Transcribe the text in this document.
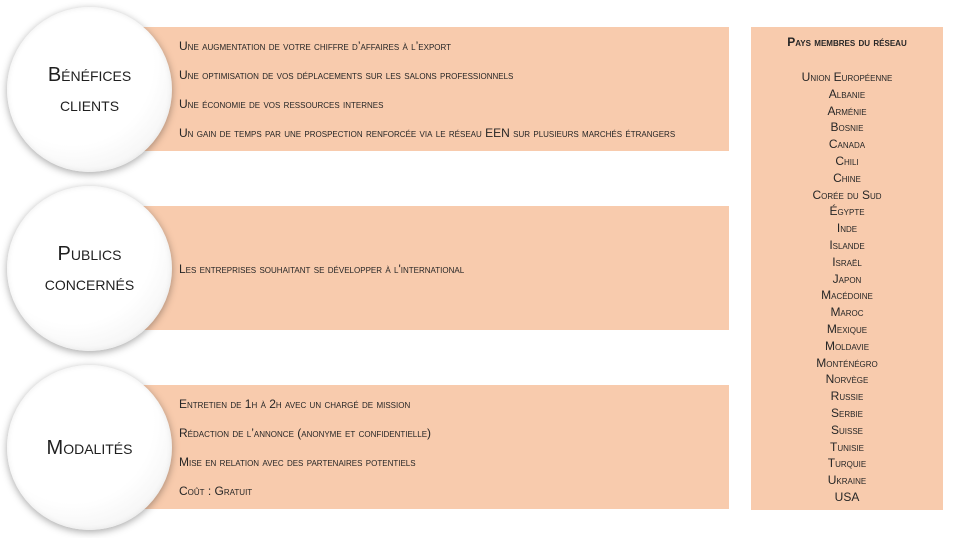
Une augmentation de votre chiffre d’affaires à l’export
Une optimisation de vos déplacements sur les salons professionnels
Une économie de vos ressources internes
Un gain de temps par une prospection renforcée via le réseau EEN sur plusieurs marchés étrangers
Bénéfices
clients
Les entreprises souhaitant se développer à l'international
Publics
concernés
Entretien de 1h à 2h avec un chargé de mission
Rédaction de l’annonce (anonyme et confidentielle)
Mise en relation avec des partenaires potentiels
Coût : Gratuit
Modalités
Pays membres du réseau
Union Européenne
Albanie
Arménie
Bosnie
Canada
Chili
Chine
Corée du Sud
Égypte
Inde
Islande
Israël
Japon
Macédoine
Maroc
Mexique
Moldavie
Monténégro
Norvège
Russie
Serbie
Suisse
Tunisie
Turquie
Ukraine
USA
